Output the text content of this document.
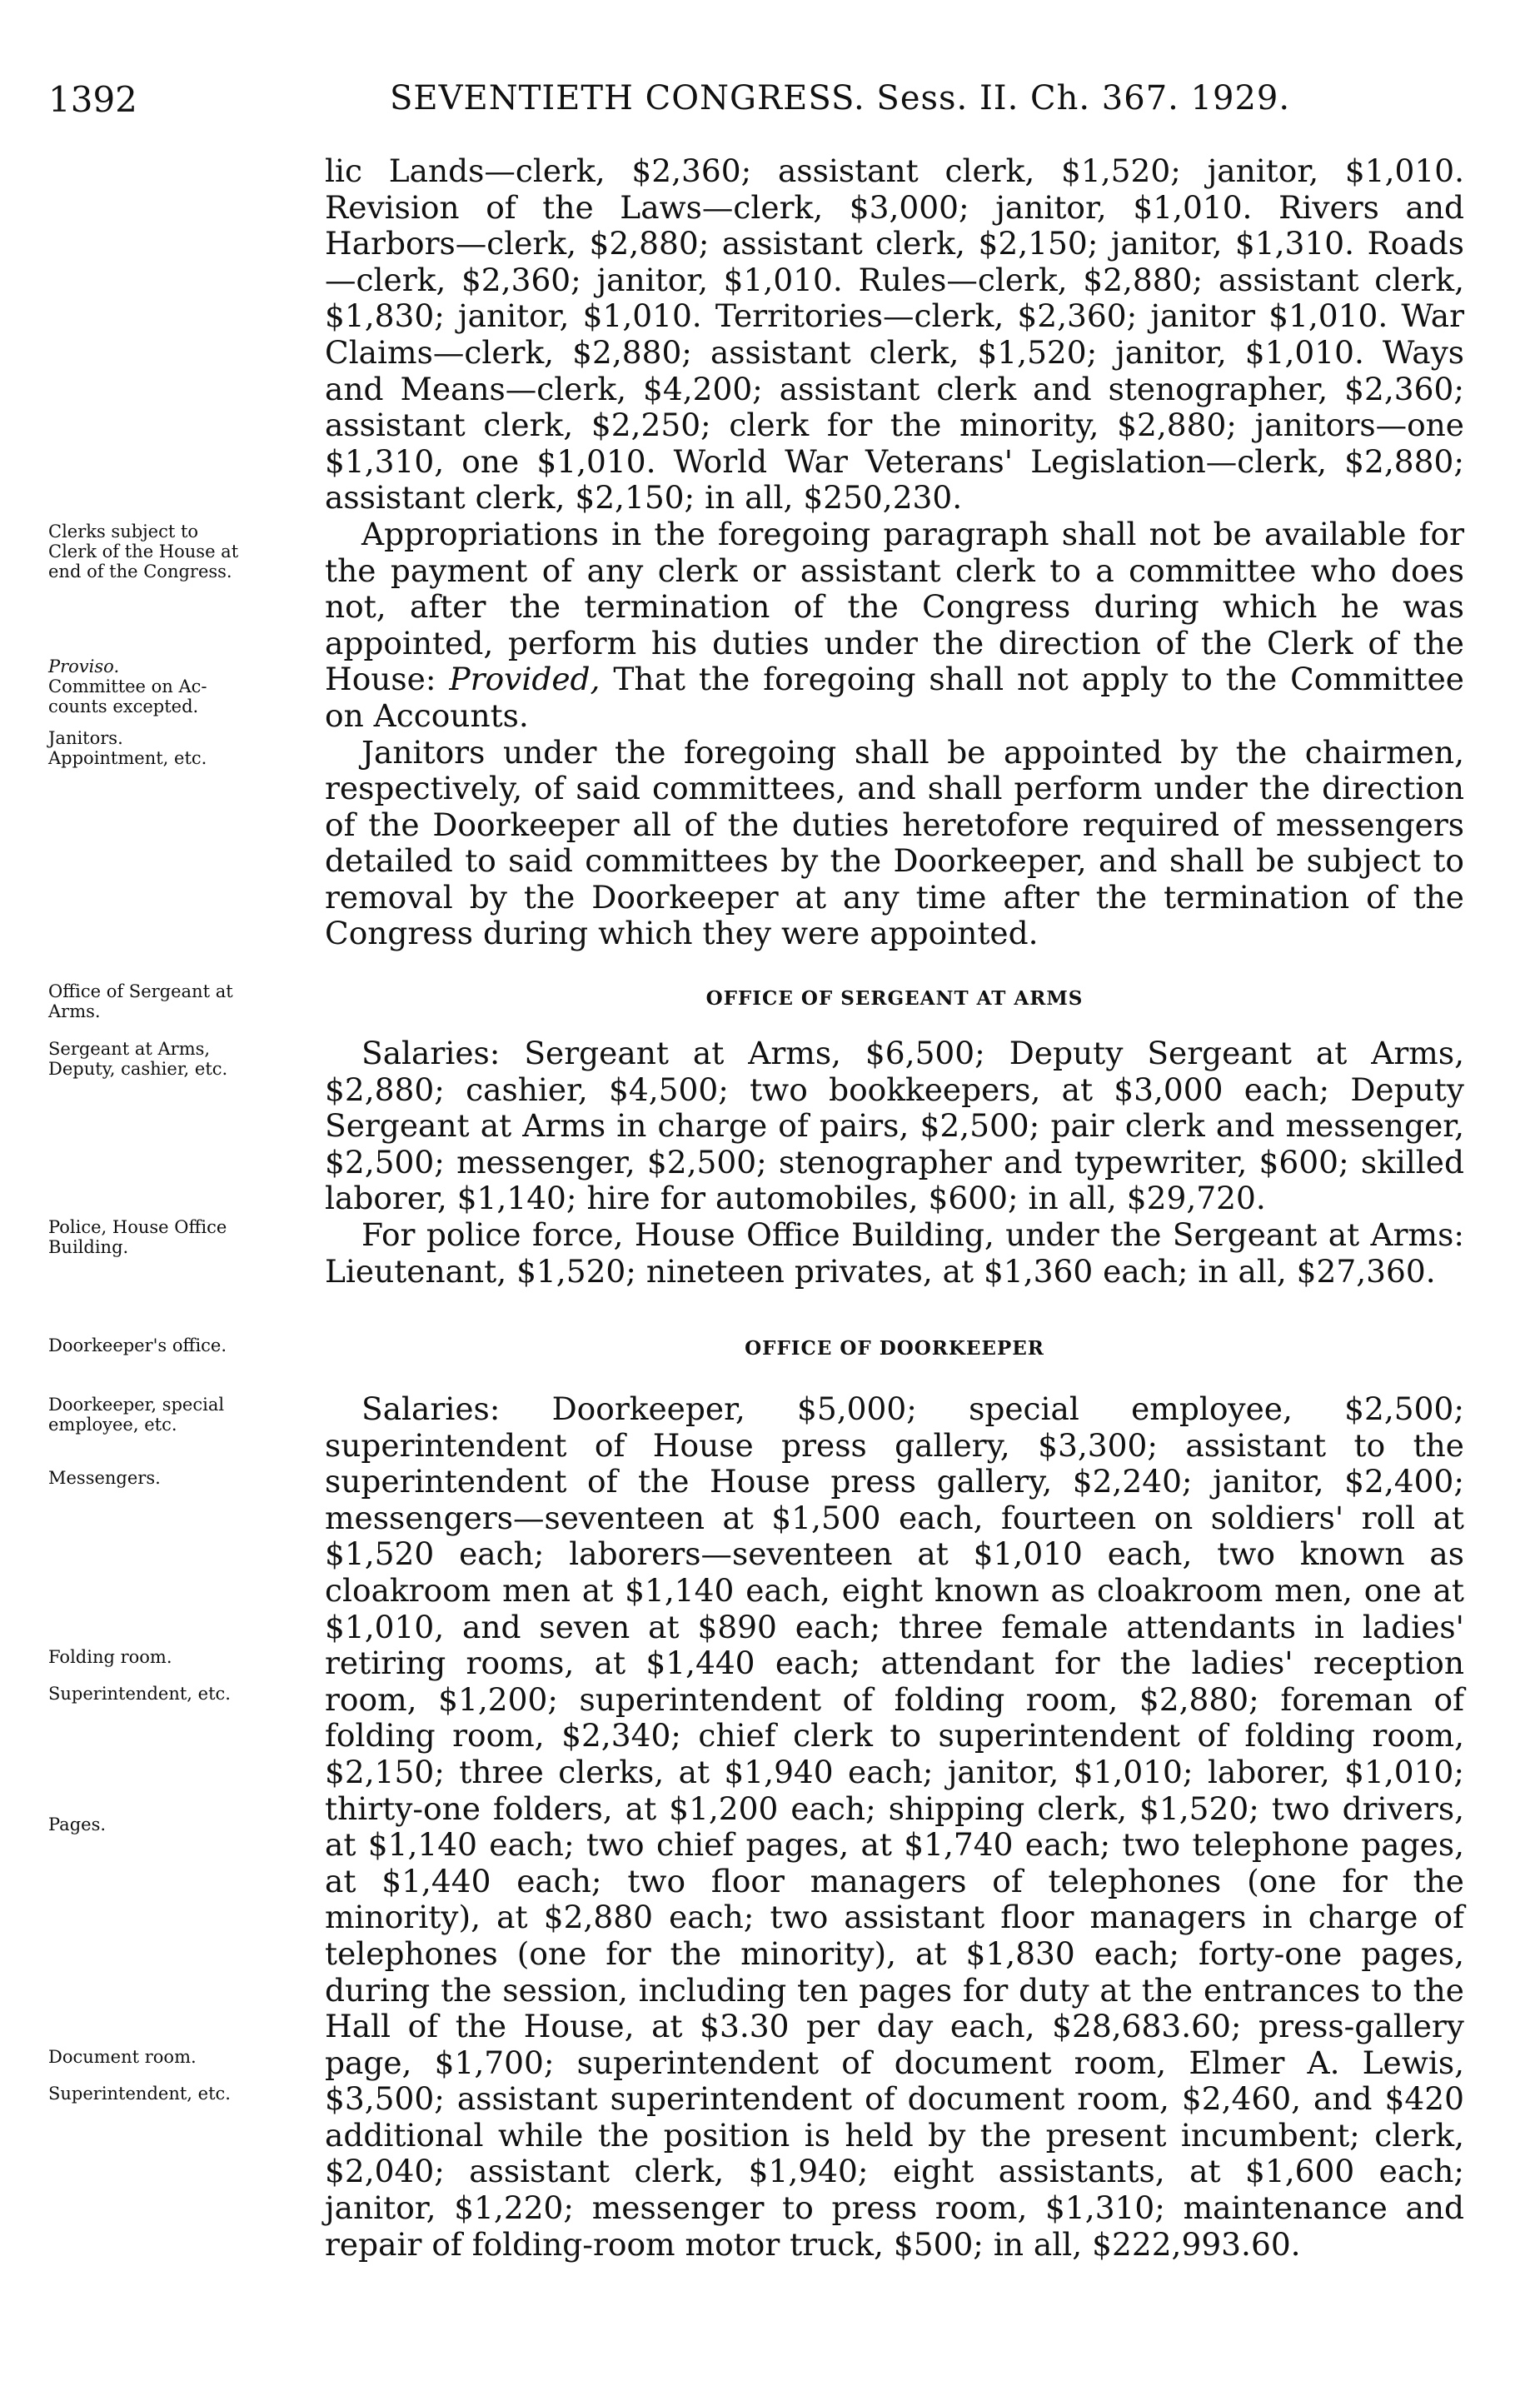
1392	SEVENTIETH CONGRESS. Sess. II. Ch. 367. 1929.
Clerks subject to
Clerk of the House at
end of the Congress.
Proviso.
Committee on Ac-
counts excepted.
Janitors.
Appointment, etc.
Office of Sergeant at
Arms.
Sergeant at Arms,
Deputy, cashier, etc.
Police, House Office
Building.
Doorkeeper's office.
Doorkeeper, special
employee, etc.
Messengers.
Folding room.
Superintendent, etc.
Pages.
Document room.
Superintendent, etc.

lic Lands—clerk, $2,360; assistant clerk, $1,520; janitor, $1,010. Revision of the Laws—clerk, $3,000; janitor, $1,010. Rivers and Harbors—clerk, $2,880; assistant clerk, $2,150; janitor, $1,310. Roads—clerk, $2,360; janitor, $1,010. Rules—clerk, $2,880; assistant clerk, $1,830; janitor, $1,010. Territories—clerk, $2,360; janitor $1,010. War Claims—clerk, $2,880; assistant clerk, $1,520; janitor, $1,010. Ways and Means—clerk, $4,200; assistant clerk and stenographer, $2,360; assistant clerk, $2,250; clerk for the minority, $2,880; janitors—one $1,310, one $1,010. World War Veterans' Legislation—clerk, $2,880; assistant clerk, $2,150; in all, $250,230.

Appropriations in the foregoing paragraph shall not be available for the payment of any clerk or assistant clerk to a committee who does not, after the termination of the Congress during which he was appointed, perform his duties under the direction of the Clerk of the House: Provided, That the foregoing shall not apply to the Committee on Accounts.

Janitors under the foregoing shall be appointed by the chairmen, respectively, of said committees, and shall perform under the direction of the Doorkeeper all of the duties heretofore required of messengers detailed to said committees by the Doorkeeper, and shall be subject to removal by the Doorkeeper at any time after the termination of the Congress during which they were appointed.

OFFICE OF SERGEANT AT ARMS

Salaries: Sergeant at Arms, $6,500; Deputy Sergeant at Arms, $2,880; cashier, $4,500; two bookkeepers, at $3,000 each; Deputy Sergeant at Arms in charge of pairs, $2,500; pair clerk and messenger, $2,500; messenger, $2,500; stenographer and typewriter, $600; skilled laborer, $1,140; hire for automobiles, $600; in all, $29,720.

For police force, House Office Building, under the Sergeant at Arms: Lieutenant, $1,520; nineteen privates, at $1,360 each; in all, $27,360.

OFFICE OF DOORKEEPER

Salaries: Doorkeeper, $5,000; special employee, $2,500; superintendent of House press gallery, $3,300; assistant to the superintendent of the House press gallery, $2,240; janitor, $2,400; messengers—seventeen at $1,500 each, fourteen on soldiers' roll at $1,520 each; laborers—seventeen at $1,010 each, two known as cloakroom men at $1,140 each, eight known as cloakroom men, one at $1,010, and seven at $890 each; three female attendants in ladies' retiring rooms, at $1,440 each; attendant for the ladies' reception room, $1,200; superintendent of folding room, $2,880; foreman of folding room, $2,340; chief clerk to superintendent of folding room, $2,150; three clerks, at $1,940 each; janitor, $1,010; laborer, $1,010; thirty-one folders, at $1,200 each; shipping clerk, $1,520; two drivers, at $1,140 each; two chief pages, at $1,740 each; two telephone pages, at $1,440 each; two floor managers of telephones (one for the minority), at $2,880 each; two assistant floor managers in charge of telephones (one for the minority), at $1,830 each; forty-one pages, during the session, including ten pages for duty at the entrances to the Hall of the House, at $3.30 per day each, $28,683.60; press-gallery page, $1,700; superintendent of document room, Elmer A. Lewis, $3,500; assistant superintendent of document room, $2,460, and $420 additional while the position is held by the present incumbent; clerk, $2,040; assistant clerk, $1,940; eight assistants, at $1,600 each; janitor, $1,220; messenger to press room, $1,310; maintenance and repair of folding-room motor truck, $500; in all, $222,993.60.
